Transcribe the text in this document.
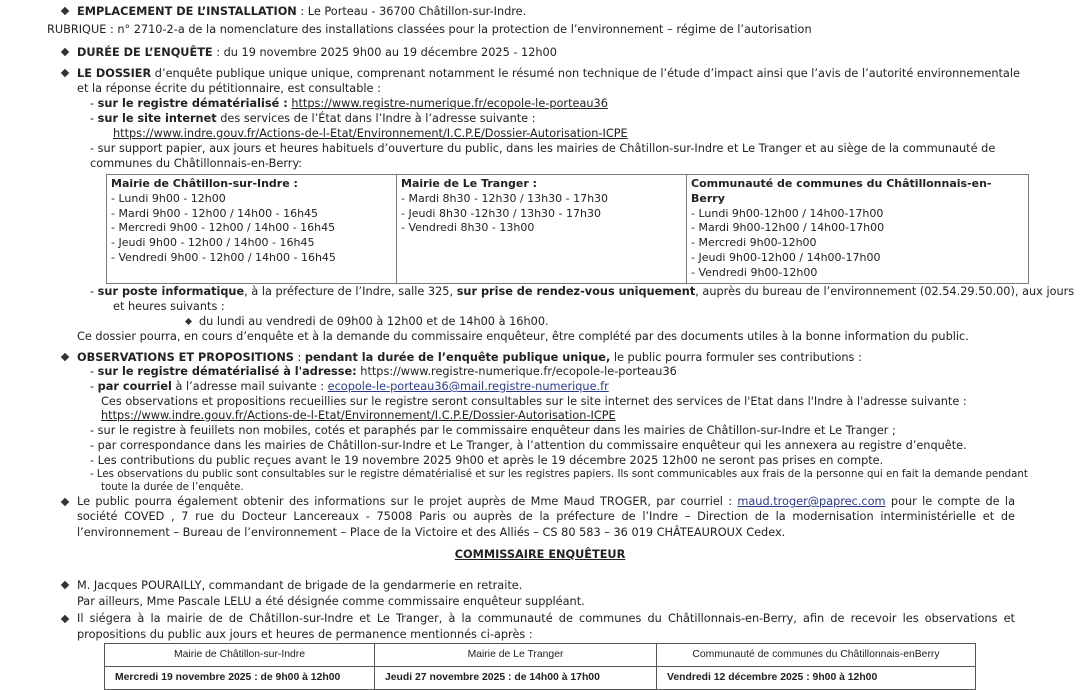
EMPLACEMENT DE L’INSTALLATION : Le Porteau - 36700 Châtillon-sur-Indre.
RUBRIQUE : n° 2710-2-a de la nomenclature des installations classées pour la protection de l’environnement – régime de l’autorisation
DURÉE DE L’ENQUÊTE : du 19 novembre 2025 9h00 au 19 décembre 2025 - 12h00
LE DOSSIER d’enquête publique unique unique, comprenant notamment le résumé non technique de l’étude d’impact ainsi que l’avis de l’autorité environnementale
et la réponse écrite du pétitionnaire, est consultable :
- sur le registre dématérialisé : https://www.registre-numerique.fr/ecopole-le-porteau36
- sur le site internet des services de l’État dans l’Indre à l’adresse suivante :
https://www.indre.gouv.fr/Actions-de-l-Etat/Environnement/I.C.P.E/Dossier-Autorisation-ICPE
- sur support papier, aux jours et heures habituels d’ouverture du public, dans les mairies de Châtillon-sur-Indre et Le Tranger et au siège de la communauté de
communes du Châtillonnais-en-Berry:
Mairie de Châtillon-sur-Indre :
- Lundi 9h00 - 12h00
- Mardi 9h00 - 12h00 / 14h00 - 16h45
- Mercredi 9h00 - 12h00 / 14h00 - 16h45
- Jeudi 9h00 - 12h00 / 14h00 - 16h45
- Vendredi 9h00 - 12h00 / 14h00 - 16h45

Mairie de Le Tranger :
- Mardi 8h30 - 12h30 / 13h30 - 17h30
- Jeudi 8h30 -12h30 / 13h30 - 17h30
- Vendredi 8h30 - 13h00

Communauté de communes du Châtillonnais-en-Berry
- Lundi 9h00-12h00 / 14h00-17h00
- Mardi 9h00-12h00 / 14h00-17h00
- Mercredi 9h00-12h00
- Jeudi 9h00-12h00 / 14h00-17h00
- Vendredi 9h00-12h00
- sur poste informatique, à la préfecture de l’Indre, salle 325, sur prise de rendez-vous uniquement, auprès du bureau de l’environnement (02.54.29.50.00), aux jours
et heures suivants :
du lundi au vendredi de 09h00 à 12h00 et de 14h00 à 16h00.
Ce dossier pourra, en cours d’enquête et à la demande du commissaire enquêteur, être complété par des documents utiles à la bonne information du public.
OBSERVATIONS ET PROPOSITIONS : pendant la durée de l’enquête publique unique, le public pourra formuler ses contributions :
- sur le registre dématérialisé à l'adresse: https://www.registre-numerique.fr/ecopole-le-porteau36
- par courriel à l’adresse mail suivante : ecopole-le-porteau36@mail.registre-numerique.fr
Ces observations et propositions recueillies sur le registre seront consultables sur le site internet des services de l'Etat dans l'Indre à l'adresse suivante :
https://www.indre.gouv.fr/Actions-de-l-Etat/Environnement/I.C.P.E/Dossier-Autorisation-ICPE
- sur le registre à feuillets non mobiles, cotés et paraphés par le commissaire enquêteur dans les mairies de Châtillon-sur-Indre et Le Tranger ;
- par correspondance dans les mairies de Châtillon-sur-Indre et Le Tranger, à l’attention du commissaire enquêteur qui les annexera au registre d’enquête.
- Les contributions du public reçues avant le 19 novembre 2025 9h00 et après le 19 décembre 2025 12h00 ne seront pas prises en compte.
- Les observations du public sont consultables sur le registre dématérialisé et sur les registres papiers. Ils sont communicables aux frais de la personne qui en fait la demande pendant
toute la durée de l’enquête.
Le public pourra également obtenir des informations sur le projet auprès de Mme Maud TROGER, par courriel : maud.troger@paprec.com pour le compte de la société COVED , 7 rue du Docteur Lancereaux - 75008 Paris ou auprès de la préfecture de l’Indre – Direction de la modernisation interministérielle et de l’environnement – Bureau de l’environnement – Place de la Victoire et des Alliés – CS 80 583 – 36 019 CHÂTEAUROUX Cedex.
COMMISSAIRE ENQUÊTEUR
M. Jacques POURAILLY, commandant de brigade de la gendarmerie en retraite.
Par ailleurs, Mme Pascale LELU a été désignée comme commissaire enquêteur suppléant.
Il siégera à la mairie de de Châtillon-sur-Indre et Le Tranger, à la communauté de communes du Châtillonnais-en-Berry, afin de recevoir les observations et propositions du public aux jours et heures de permanence mentionnés ci-après :
Mairie de Châtillon-sur-Indre	Mairie de Le Tranger	Communauté de communes du Châtillonnais-enBerry
Mercredi 19 novembre 2025 : de 9h00 à 12h00	Jeudi 27 novembre 2025 : de 14h00 à 17h00	Vendredi 12 décembre 2025 : 9h00 à 12h00
